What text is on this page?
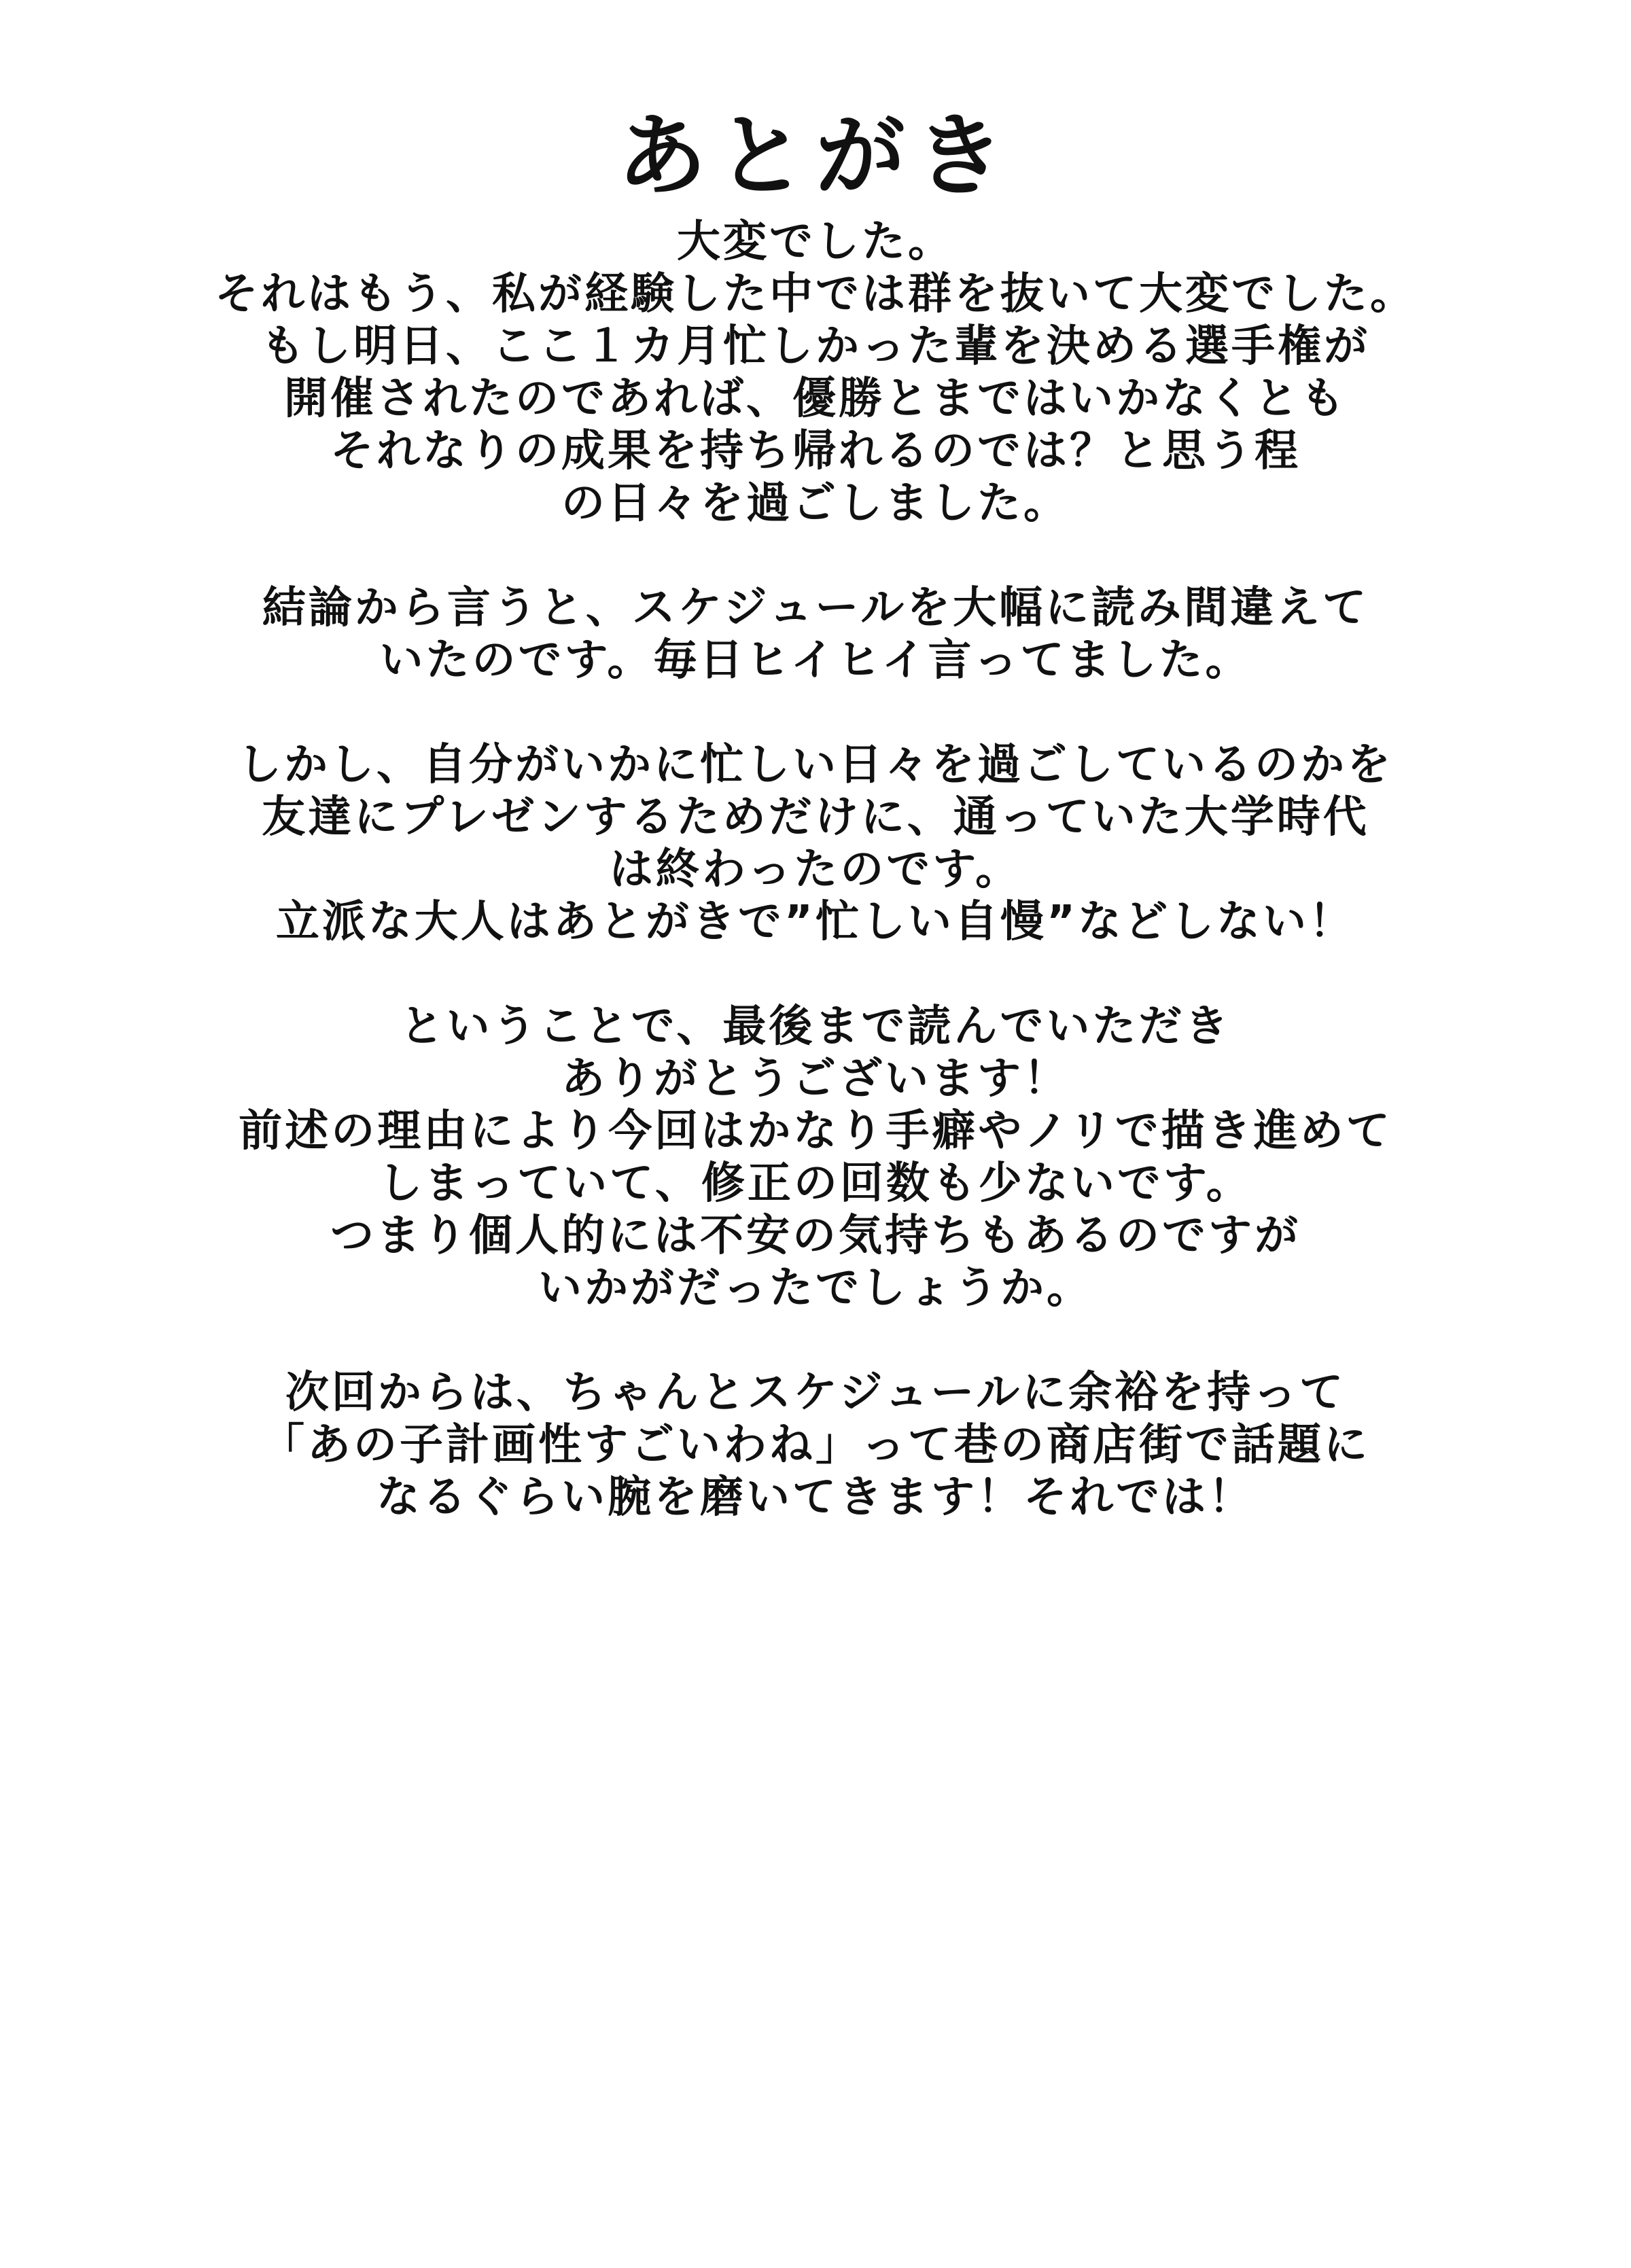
あとがき
大変でした。
それはもう、私が経験した中では群を抜いて大変でした。
もし明日、ここ１カ月忙しかった輩を決める選手権が
開催されたのであれば、優勝とまではいかなくとも
それなりの成果を持ち帰れるのでは？と思う程
の日々を過ごしました。
結論から言うと、スケジュールを大幅に読み間違えて
いたのです。毎日ヒイヒイ言ってました。
しかし、自分がいかに忙しい日々を過ごしているのかを
友達にプレゼンするためだけに、通っていた大学時代
は終わったのです。
立派な大人はあとがきで”忙しい自慢”などしない！
ということで、最後まで読んでいただき
ありがとうございます！
前述の理由により今回はかなり手癖やノリで描き進めて
しまっていて、修正の回数も少ないです。
つまり個人的には不安の気持ちもあるのですが
いかがだったでしょうか。
次回からは、ちゃんとスケジュールに余裕を持って
「あの子計画性すごいわね」って巷の商店街で話題に
なるぐらい腕を磨いてきます！それでは！
